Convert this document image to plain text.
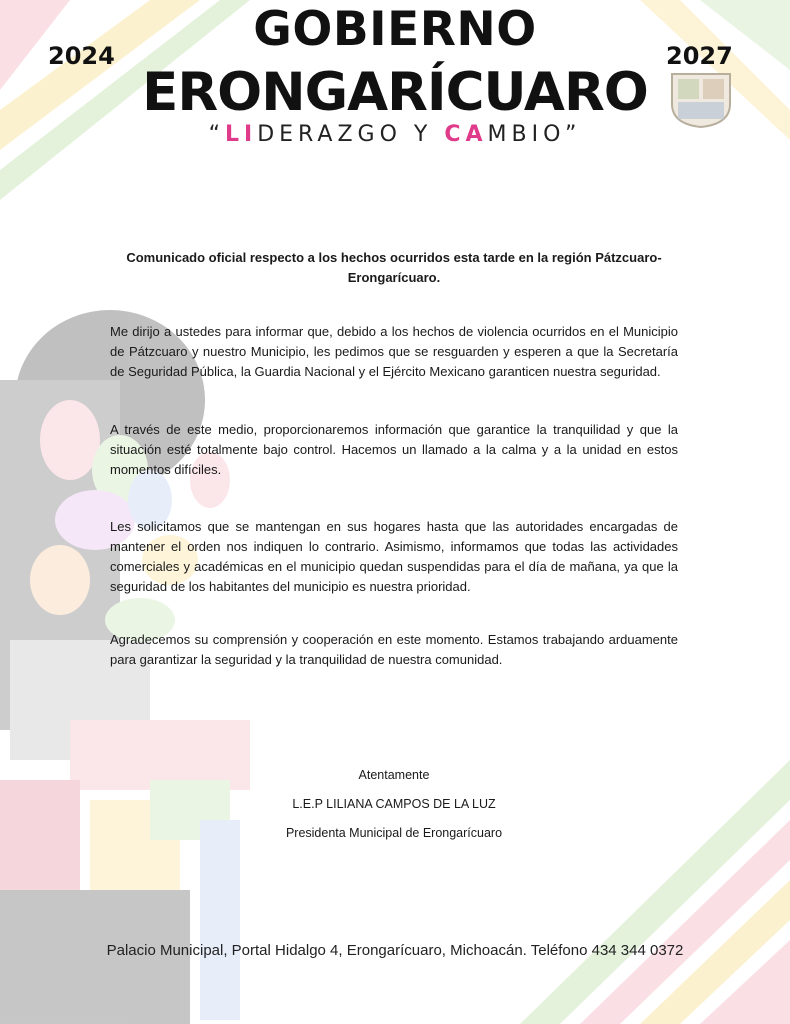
2024	2027
GOBIERNO
ERONGARÍCUARO
“LIDERAZGO Y CAMBIO”
Comunicado oficial respecto a los hechos ocurridos esta tarde en la región Pátzcuaro-Erongarícuaro.
Me dirijo a ustedes para informar que, debido a los hechos de violencia ocurridos en el Municipio de Pátzcuaro y nuestro Municipio, les pedimos que se resguarden y esperen a que la Secretaría de Seguridad Pública, la Guardia Nacional y el Ejército Mexicano garanticen nuestra seguridad.
A través de este medio, proporcionaremos información que garantice la tranquilidad y que la situación esté totalmente bajo control. Hacemos un llamado a la calma y a la unidad en estos momentos difíciles.
Les solicitamos que se mantengan en sus hogares hasta que las autoridades encargadas de mantener el orden nos indiquen lo contrario. Asimismo, informamos que todas las actividades comerciales y académicas en el municipio quedan suspendidas para el día de mañana, ya que la seguridad de los habitantes del municipio es nuestra prioridad.
Agradecemos su comprensión y cooperación en este momento. Estamos trabajando arduamente para garantizar la seguridad y la tranquilidad de nuestra comunidad.
Atentamente
L.E.P LILIANA CAMPOS DE LA LUZ
Presidenta Municipal de Erongarícuaro
Palacio Municipal, Portal Hidalgo 4, Erongarícuaro, Michoacán. Teléfono 434 344 0372
